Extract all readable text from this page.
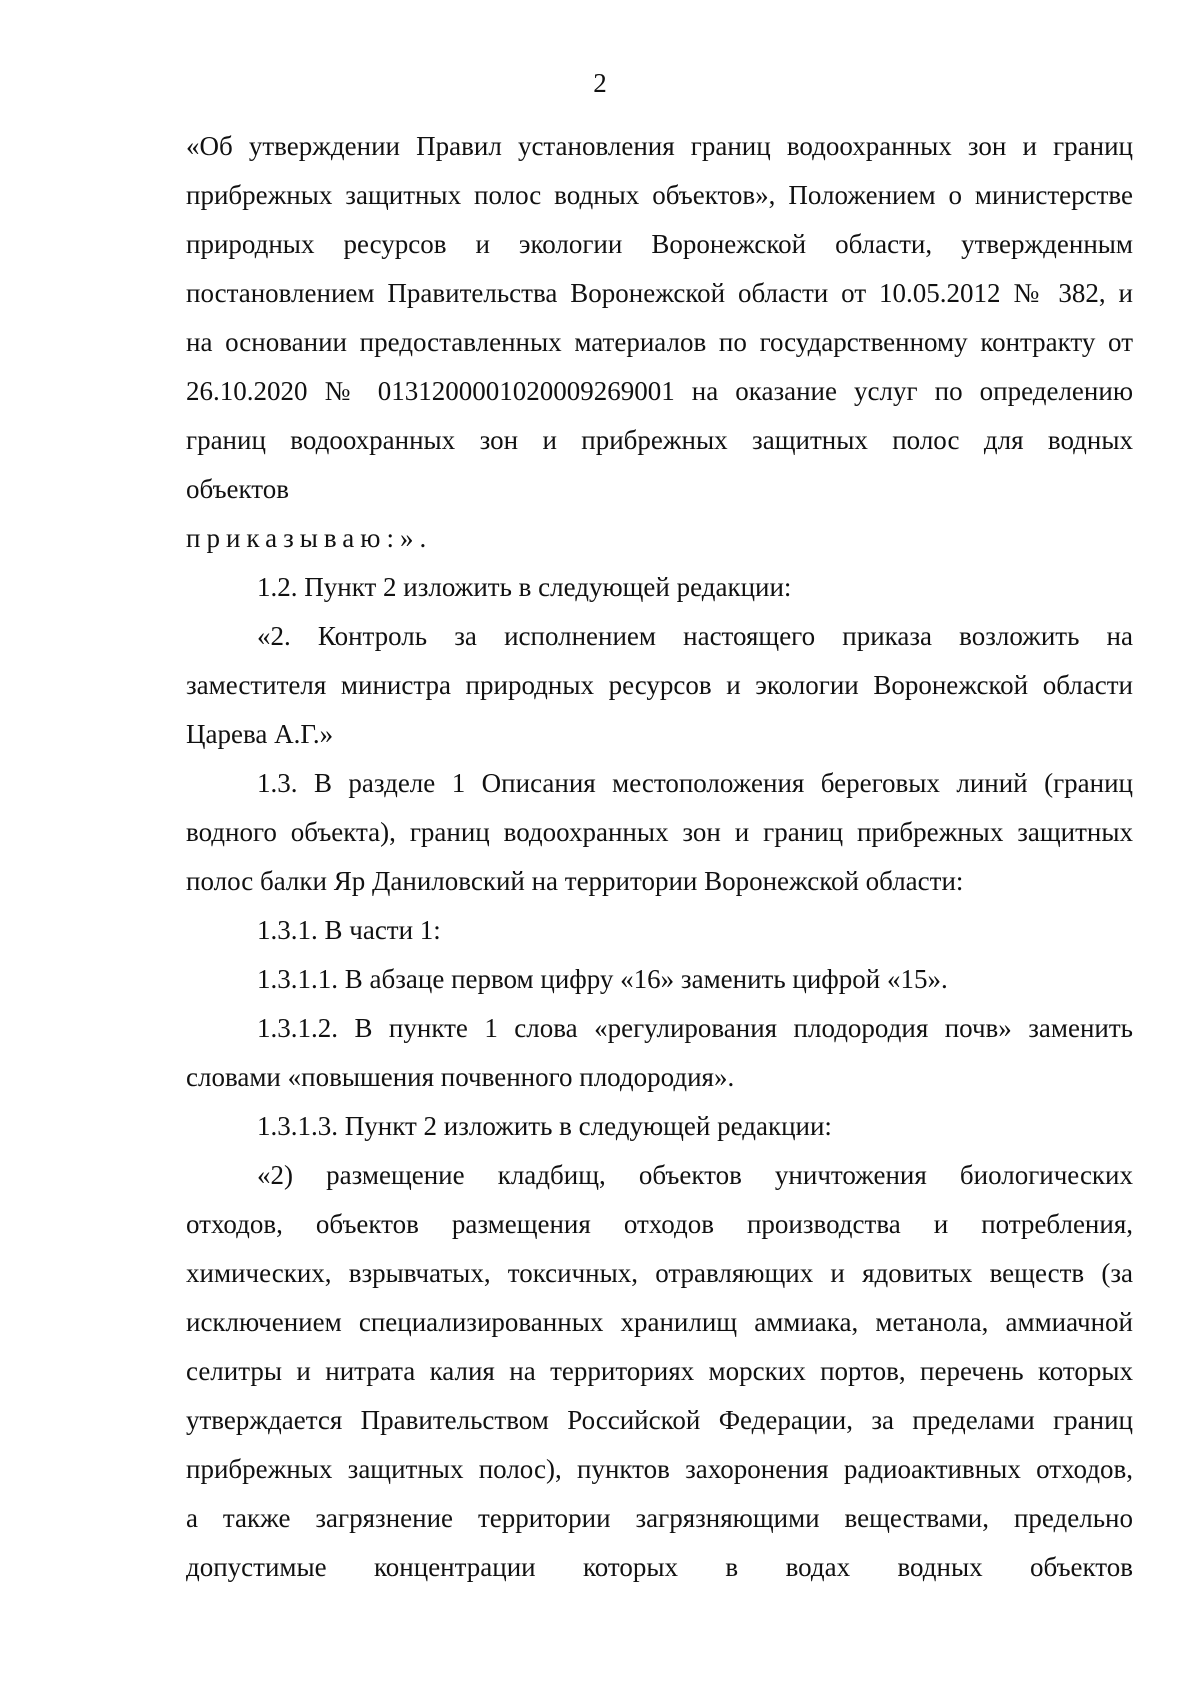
2
«Об утверждении Правил установления границ водоохранных зон и границ
прибрежных защитных полос водных объектов», Положением о министерстве
природных ресурсов и экологии Воронежской области, утвержденным
постановлением Правительства Воронежской области от 10.05.2012 № 382, и
на основании предоставленных материалов по государственному контракту от
26.10.2020 № 0131200001020009269001 на оказание услуг по определению
границ водоохранных зон и прибрежных защитных полос для водных
объектов
приказываю:».
1.2. Пункт 2 изложить в следующей редакции:
«2. Контроль за исполнением настоящего приказа возложить на
заместителя министра природных ресурсов и экологии Воронежской области
Царева А.Г.»
1.3. В разделе 1 Описания местоположения береговых линий (границ
водного объекта), границ водоохранных зон и границ прибрежных защитных
полос балки Яр Даниловский на территории Воронежской области:
1.3.1. В части 1:
1.3.1.1. В абзаце первом цифру «16» заменить цифрой «15».
1.3.1.2. В пункте 1 слова «регулирования плодородия почв» заменить
словами «повышения почвенного плодородия».
1.3.1.3. Пункт 2 изложить в следующей редакции:
«2) размещение кладбищ, объектов уничтожения биологических
отходов, объектов размещения отходов производства и потребления,
химических, взрывчатых, токсичных, отравляющих и ядовитых веществ (за
исключением специализированных хранилищ аммиака, метанола, аммиачной
селитры и нитрата калия на территориях морских портов, перечень которых
утверждается Правительством Российской Федерации, за пределами границ
прибрежных защитных полос), пунктов захоронения радиоактивных отходов,
а также загрязнение территории загрязняющими веществами, предельно
допустимые концентрации которых в водах водных объектов
